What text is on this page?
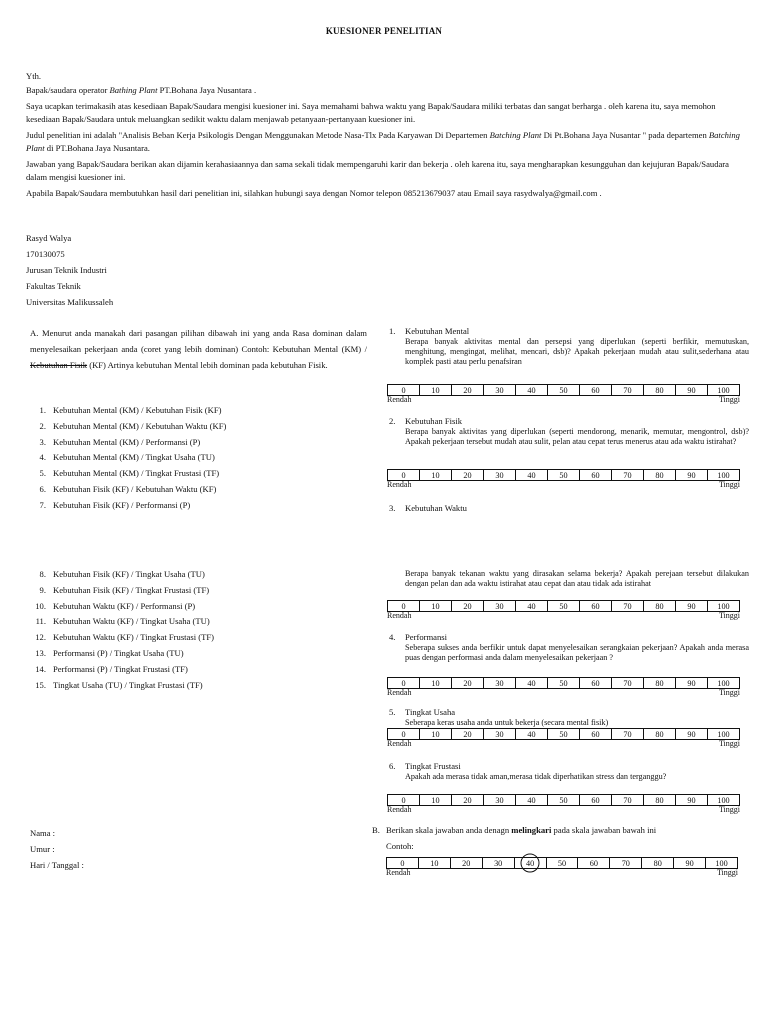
KUESIONER PENELITIAN

Yth.

Bapak/saudara operator Bathing Plant PT.Bohana Jaya Nusantara .

Saya ucapkan terimakasih atas kesediaan Bapak/Saudara mengisi kuesioner ini. Saya memahami bahwa waktu yang Bapak/Saudara miliki terbatas dan sangat berharga . oleh karena itu, saya memohon kesediaan Bapak/Saudara untuk meluangkan sedikit waktu dalam menjawab petanyaan-pertanyaan kuesioner ini.

Judul penelitian ini adalah "Analisis Beban Kerja Psikologis Dengan Menggunakan Metode Nasa-Tlx Pada Karyawan Di Departemen Batching Plant Di Pt.Bohana Jaya Nusantar " pada departemen Batching Plant di PT.Bohana Jaya Nusantara.

Jawaban yang Bapak/Saudara berikan akan dijamin kerahasiaannya dan sama sekali tidak mempengaruhi karir dan bekerja . oleh karena itu, saya mengharapkan kesungguhan dan kejujuran Bapak/Saudara dalam mengisi kuesioner ini.

Apabila Bapak/Saudara membutuhkan hasil dari penelitian ini, silahkan hubungi saya dengan Nomor telepon 085213679037 atau Email saya rasydwalya@gmail.com .

Rasyd Walya
170130075
Jurusan Teknik Industri
Fakultas Teknik
Universitas Malikussaleh
A. Menurut anda manakah dari pasangan pilihan dibawah ini yang anda Rasa dominan dalam menyelesaikan pekerjaan anda (coret yang lebih dominan) Contoh: Kebutuhan Mental (KM) / Kebutuhan Fisik (KF) Artinya kebutuhan Mental lebih dominan pada kebutuhan Fisik.
1. Kebutuhan Mental (KM) / Kebutuhan Fisik (KF)
2. Kebutuhan Mental (KM) / Kebutuhan Waktu (KF)
3. Kebutuhan Mental (KM) / Performansi (P)
4. Kebutuhan Mental (KM) / Tingkat Usaha (TU)
5. Kebutuhan Mental (KM) / Tingkat Frustasi (TF)
6. Kebutuhan Fisik (KF) / Kebutuhan Waktu (KF)
7. Kebutuhan Fisik (KF) / Performansi (P)
8. Kebutuhan Fisik (KF) / Tingkat Usaha (TU)
9. Kebutuhan Fisik (KF) / Tingkat Frustasi (TF)
10. Kebutuhan Waktu (KF) / Performansi (P)
11. Kebutuhan Waktu (KF) / Tingkat Usaha (TU)
12. Kebutuhan Waktu (KF) / Tingkat Frustasi (TF)
13. Performansi (P) / Tingkat Usaha (TU)
14. Performansi (P) / Tingkat Frustasi (TF)
15. Tingkat Usaha (TU) / Tingkat Frustasi (TF)
1. Kebutuhan Mental
Berapa banyak aktivitas mental dan persepsi yang diperlukan (seperti berfikir, memutuskan, menghitung, mengingat, melihat, mencari, dsb)? Apakah pekerjaan mudah atau sulit,sederhana atau komplek pasti atau perlu penafsiran
2. Kebutuhan Fisik
Berapa banyak aktivitas yang diperlukan (seperti mendorong, menarik, memutar, mengontrol, dsb)? Apakah pekerjaan tersebut mudah atau sulit, pelan atau cepat terus menerus atau ada waktu istirahat?
3. Kebutuhan Waktu
Berapa banyak tekanan waktu yang dirasakan selama bekerja? Apakah perejaan tersebut dilakukan dengan pelan dan ada waktu istirahat atau cepat dan atau tidak ada istirahat
4. Performansi
Seberapa sukses anda berfikir untuk dapat menyelesaikan serangkaian pekerjaan? Apakah anda merasa puas dengan performasi anda dalam menyelesaikan pekerjaan ?
5. Tingkat Usaha
Seberapa keras usaha anda untuk bekerja (secara mental fisik)
6. Tingkat Frustasi
Apakah ada merasa tidak aman,merasa tidak diperhatikan stress dan terganggu?
0	10	20	30	40	50	60	70	80	90	100
Rendah	Tinggi
0	10	20	30	40	50	60	70	80	90	100
Rendah	Tinggi
0	10	20	30	40	50	60	70	80	90	100
Rendah	Tinggi
0	10	20	30	40	50	60	70	80	90	100
Rendah	Tinggi
0	10	20	30	40	50	60	70	80	90	100
Rendah	Tinggi
0	10	20	30	40	50	60	70	80	90	100
Rendah	Tinggi
0	10	20	30	40	50	60	70	80	90	100
Rendah	Tinggi
Nama :
Umur :
Hari / Tanggal :
B. Berikan skala jawaban anda denagn melingkari pada skala jawaban bawah ini
Contoh:
